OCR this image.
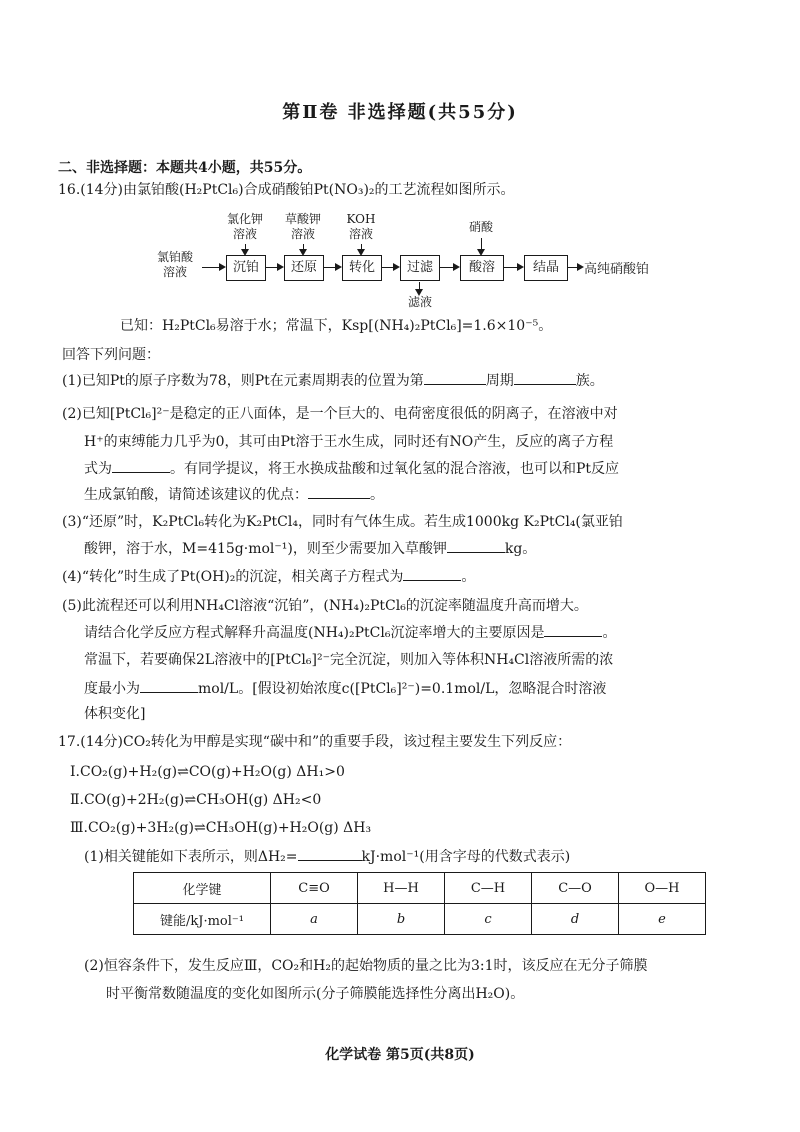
第Ⅱ卷 非选择题(共55分)
二、非选择题：本题共4小题，共55分。
16.(14分)由氯铂酸(H₂PtCl₆)合成硝酸铂Pt(NO₃)₂的工艺流程如图所示。
氯化钾
溶液
草酸钾
溶液
KOH
溶液	硝酸
氯铂酸
溶液	沉铂	还原	转化	过滤	酸溶	结晶	高纯硝酸铂
滤液
已知：H₂PtCl₆易溶于水；常温下，Ksp[(NH₄)₂PtCl₆]=1.6×10⁻⁵。
回答下列问题：
(1)已知Pt的原子序数为78，则Pt在元素周期表的位置为第	周期	族。
(2)已知[PtCl₆]²⁻是稳定的正八面体，是一个巨大的、电荷密度很低的阴离子，在溶液中对
H⁺的束缚能力几乎为0，其可由Pt溶于王水生成，同时还有NO产生，反应的离子方程
式为	。有同学提议，将王水换成盐酸和过氧化氢的混合溶液，也可以和Pt反应
生成氯铂酸，请简述该建议的优点：	。
(3)“还原”时，K₂PtCl₆转化为K₂PtCl₄，同时有气体生成。若生成1000kg K₂PtCl₄(氯亚铂
酸钾，溶于水，M=415g·mol⁻¹)，则至少需要加入草酸钾	kg。
(4)“转化”时生成了Pt(OH)₂的沉淀，相关离子方程式为	。
(5)此流程还可以利用NH₄Cl溶液“沉铂”，(NH₄)₂PtCl₆的沉淀率随温度升高而增大。
请结合化学反应方程式解释升高温度(NH₄)₂PtCl₆沉淀率增大的主要原因是	。
常温下，若要确保2L溶液中的[PtCl₆]²⁻完全沉淀，则加入等体积NH₄Cl溶液所需的浓
度最小为	mol/L。[假设初始浓度c([PtCl₆]²⁻)=0.1mol/L，忽略混合时溶液
体积变化]
17.(14分)CO₂转化为甲醇是实现“碳中和”的重要手段，该过程主要发生下列反应：
Ⅰ.CO₂(g)+H₂(g)⇌CO(g)+H₂O(g) ΔH₁>0
Ⅱ.CO(g)+2H₂(g)⇌CH₃OH(g) ΔH₂<0
Ⅲ.CO₂(g)+3H₂(g)⇌CH₃OH(g)+H₂O(g) ΔH₃
(1)相关键能如下表所示，则ΔH₂=	kJ·mol⁻¹(用含字母的代数式表示)
化学键	C≡O	H—H	C—H	C—O	O—H
键能/kJ·mol⁻¹	a	b	c	d	e
(2)恒容条件下，发生反应Ⅲ，CO₂和H₂的起始物质的量之比为3:1时，该反应在无分子筛膜
时平衡常数随温度的变化如图所示(分子筛膜能选择性分离出H₂O)。
化学试卷 第5页(共8页)
